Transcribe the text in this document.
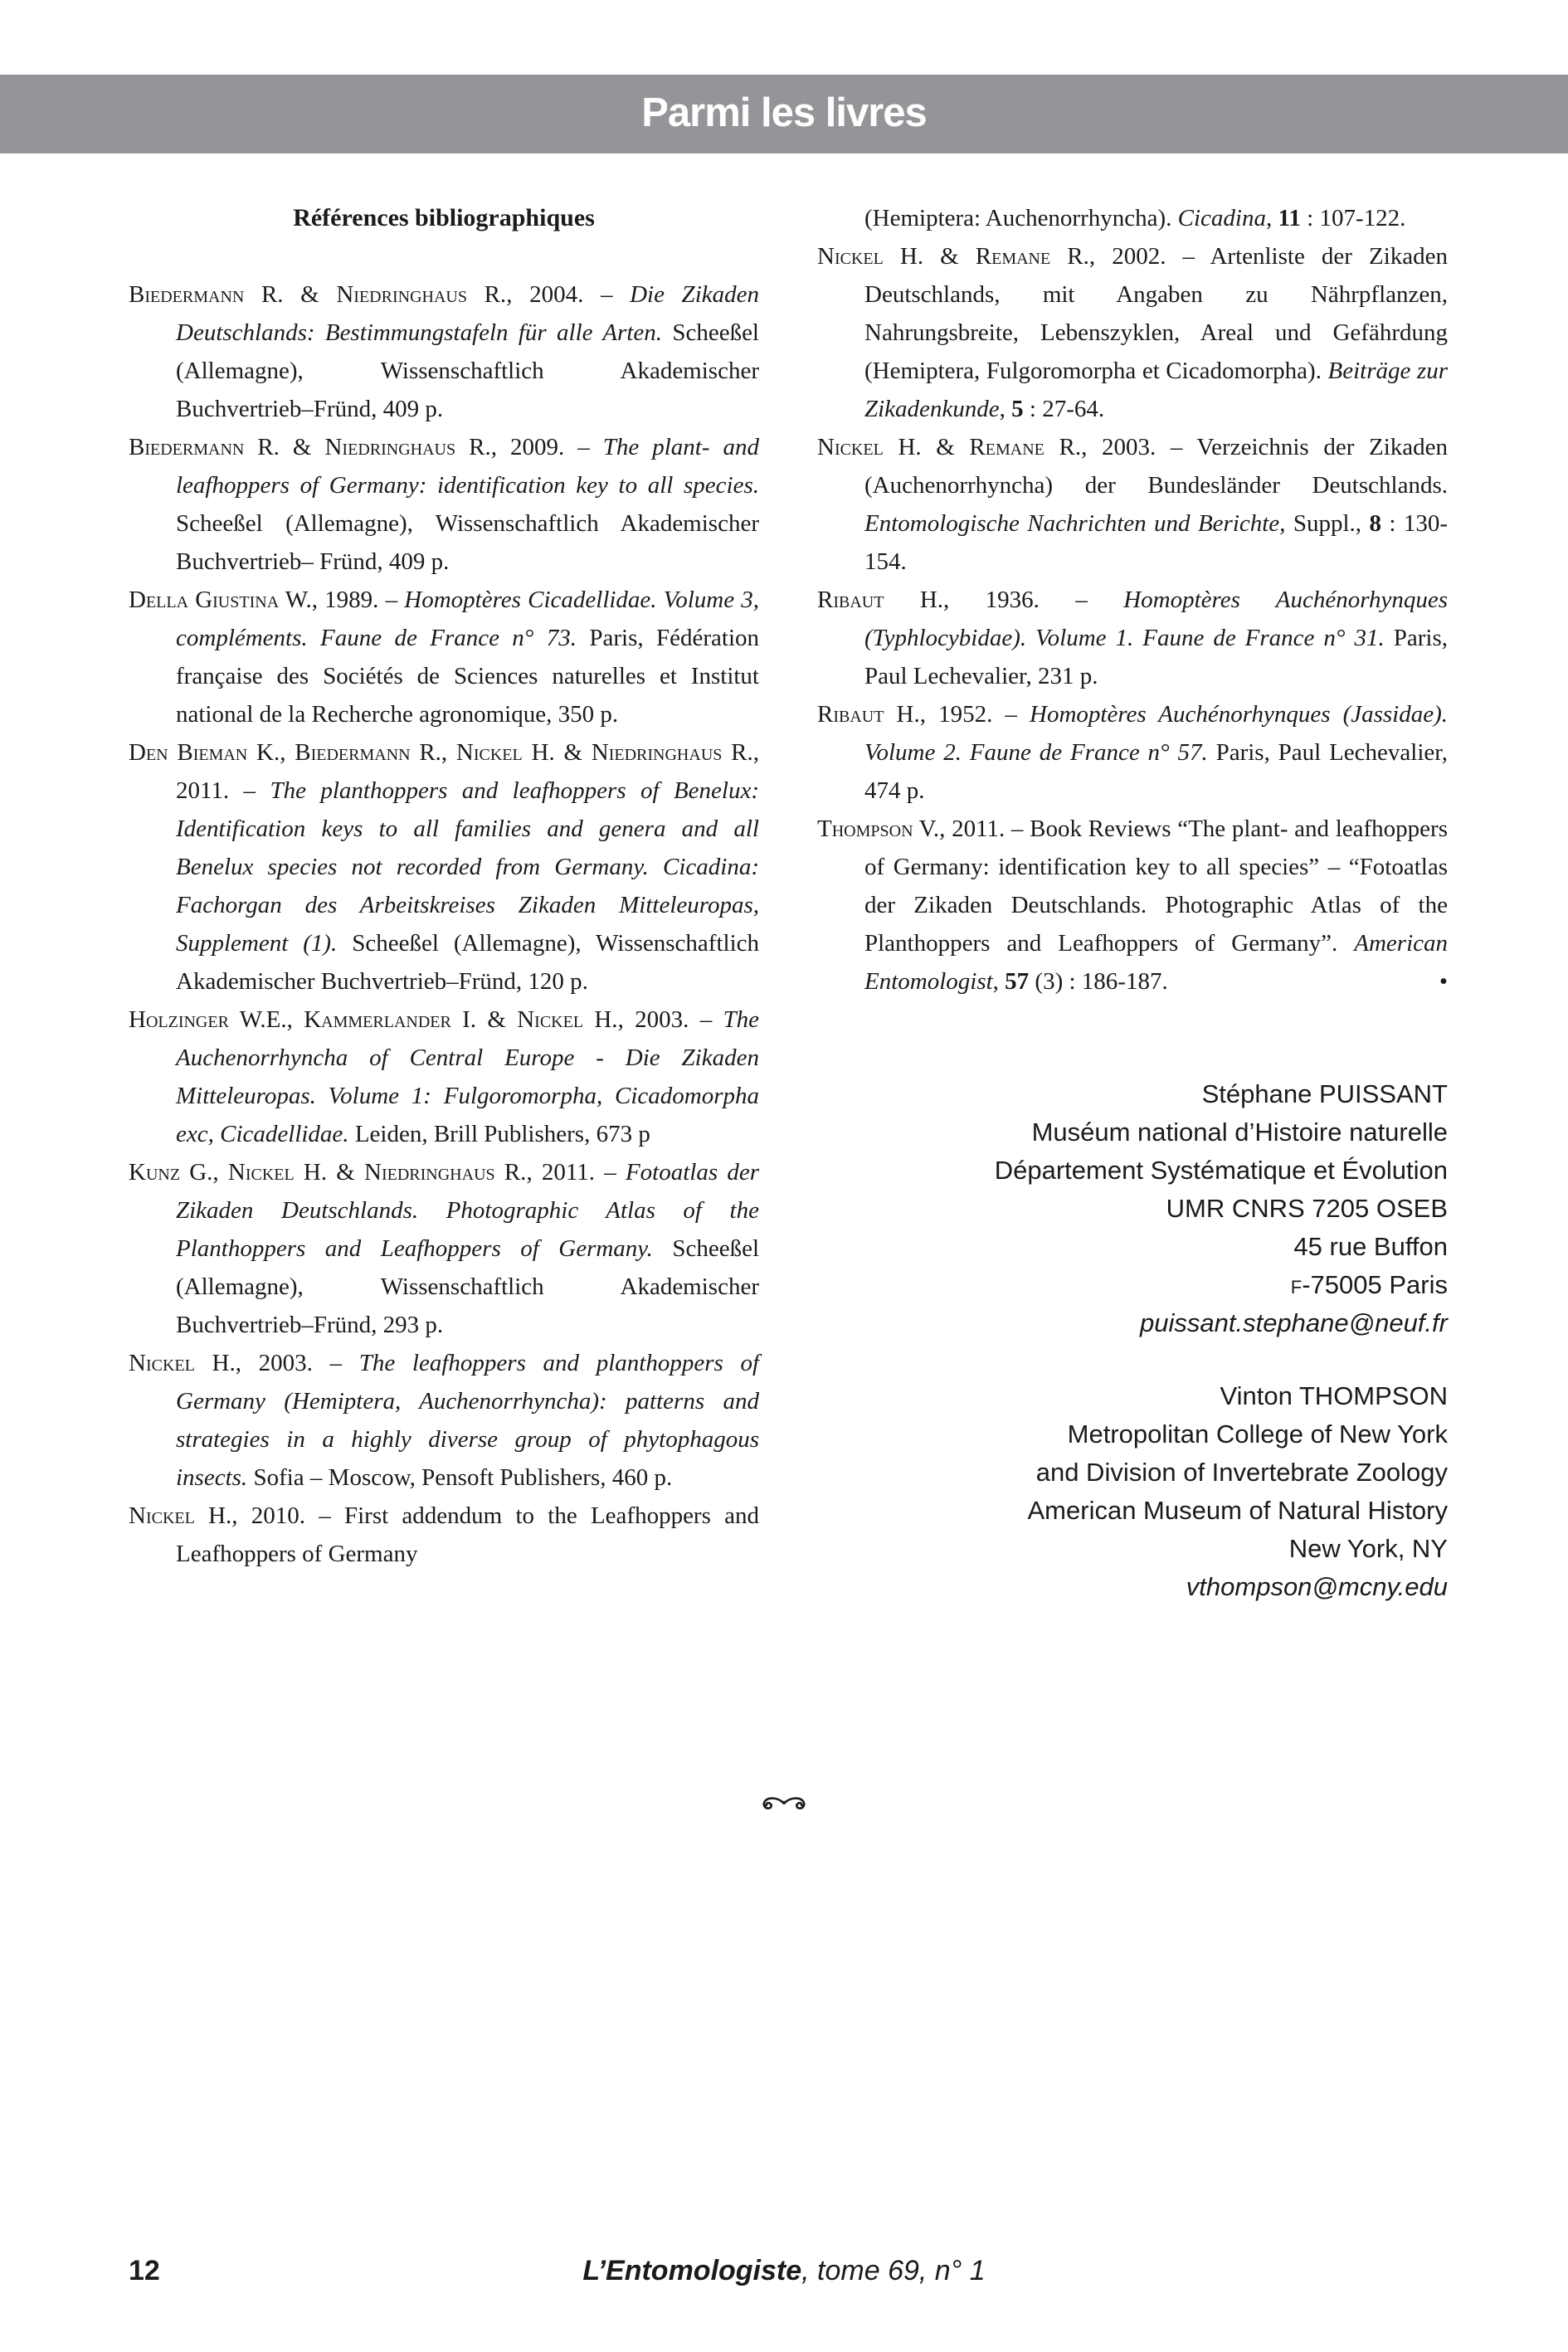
Parmi les livres

Références bibliographiques

Biedermann R. & Niedringhaus R., 2004. – Die Zikaden Deutschlands: Bestimmungstafeln für alle Arten. Scheeßel (Allemagne), Wissenschaftlich Akademischer Buchvertrieb–Fründ, 409 p.

Biedermann R. & Niedringhaus R., 2009. – The plant- and leafhoppers of Germany: identification key to all species. Scheeßel (Allemagne), Wissenschaftlich Akademischer Buchvertrieb– Fründ, 409 p.

Della Giustina W., 1989. – Homoptères Cicadellidae. Volume 3, compléments. Faune de France n° 73. Paris, Fédération française des Sociétés de Sciences naturelles et Institut national de la Recherche agronomique, 350 p.

Den Bieman K., Biedermann R., Nickel H. & Niedringhaus R., 2011. – The planthoppers and leafhoppers of Benelux: Identification keys to all families and genera and all Benelux species not recorded from Germany. Cicadina: Fachorgan des Arbeitskreises Zikaden Mitteleuropas, Supplement (1). Scheeßel (Allemagne), Wissenschaftlich Akademischer Buchvertrieb–Fründ, 120 p.

Holzinger W.E., Kammerlander I. & Nickel H., 2003. – The Auchenorrhyncha of Central Europe - Die Zikaden Mitteleuropas. Volume 1: Fulgoromorpha, Cicadomorpha exc, Cicadellidae. Leiden, Brill Publishers, 673 p

Kunz G., Nickel H. & Niedringhaus R., 2011. – Fotoatlas der Zikaden Deutschlands. Photographic Atlas of the Planthoppers and Leafhoppers of Germany. Scheeßel (Allemagne), Wissenschaftlich Akademischer Buchvertrieb–Fründ, 293 p.

Nickel H., 2003. – The leafhoppers and planthoppers of Germany (Hemiptera, Auchenorrhyncha): patterns and strategies in a highly diverse group of phytophagous insects. Sofia – Moscow, Pensoft Publishers, 460 p.

Nickel H., 2010. – First addendum to the Leafhoppers and Leafhoppers of Germany

(Hemiptera: Auchenorrhyncha). Cicadina, 11 : 107-122.

Nickel H. & Remane R., 2002. – Artenliste der Zikaden Deutschlands, mit Angaben zu Nährpflanzen, Nahrungsbreite, Lebenszyklen, Areal und Gefährdung (Hemiptera, Fulgoromorpha et Cicadomorpha). Beiträge zur Zikadenkunde, 5 : 27-64.

Nickel H. & Remane R., 2003. – Verzeichnis der Zikaden (Auchenorrhyncha) der Bundesländer Deutschlands. Entomologische Nachrichten und Berichte, Suppl., 8 : 130-154.

Ribaut H., 1936. – Homoptères Auchénorhynques (Typhlocybidae). Volume 1. Faune de France n° 31. Paris, Paul Lechevalier, 231 p.

Ribaut H., 1952. – Homoptères Auchénorhynques (Jassidae). Volume 2. Faune de France n° 57. Paris, Paul Lechevalier, 474 p.

Thompson V., 2011. – Book Reviews “The plant- and leafhoppers of Germany: identification key to all species” – “Fotoatlas der Zikaden Deutschlands. Photographic Atlas of the Planthoppers and Leafhoppers of Germany”. American Entomologist, 57 (3) : 186-187.	•

Stéphane PUISSANT
Muséum national d’Histoire naturelle
Département Systématique et Évolution
UMR CNRS 7205 OSEB
45 rue Buffon
f-75005 Paris
puissant.stephane@neuf.fr
Vinton THOMPSON
Metropolitan College of New York
and Division of Invertebrate Zoology
American Museum of Natural History
New York, NY
vthompson@mcny.edu
12	L’Entomologiste, tome 69, n° 1
